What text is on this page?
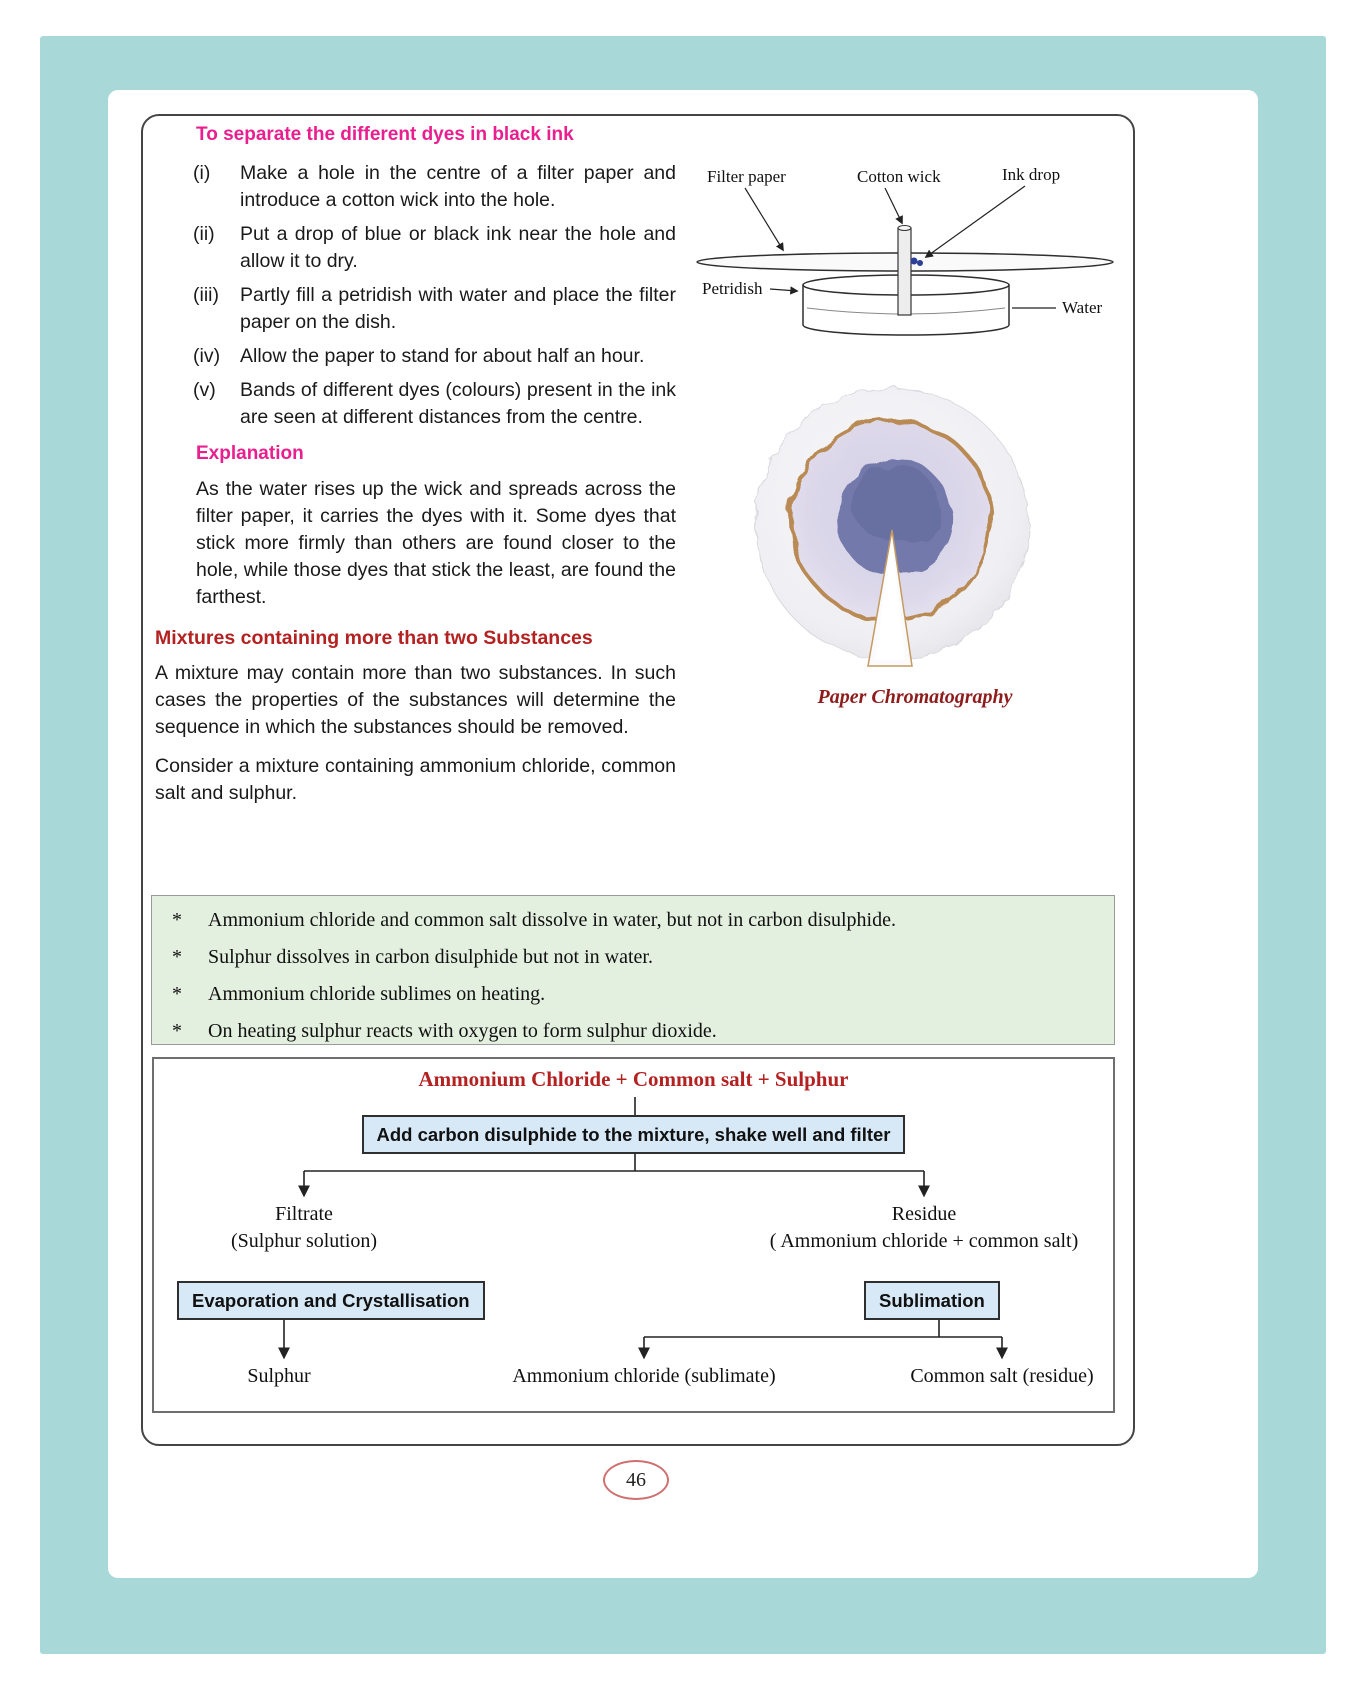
To separate the different dyes in black ink
(i)	Make a hole in the centre of a filter paper and introduce a cotton wick into the hole.
(ii)	Put a drop of blue or black ink near the hole and allow it to dry.
(iii)	Partly fill a petridish with water and place the filter paper on the dish.
(iv)	Allow the paper to stand for about half an hour.
(v)	Bands of different dyes (colours) present in the ink are seen at different distances from the centre.
Explanation

As the water rises up the wick and spreads across the filter paper, it carries the dyes with it. Some dyes that stick more firmly than others are found closer to the hole, while those dyes that stick the least, are found the farthest.

Mixtures containing more than two Substances

A mixture may contain more than two substances. In such cases the properties of the substances will determine the sequence in which the substances should be removed.

Consider a mixture containing ammonium chloride, common salt and sulphur.

Filter paper	Cotton wick	Ink drop
Petridish
Water
Paper Chromatography
*	Ammonium chloride and common salt dissolve in water, but not in carbon disulphide.
*	Sulphur dissolves in carbon disulphide but not in water.
*	Ammonium chloride sublimes on heating.
*	On heating sulphur reacts with oxygen to form sulphur dioxide.
Ammonium Chloride + Common salt + Sulphur
Add carbon disulphide to the mixture, shake well and filter
Filtrate
(Sulphur solution)
Residue
( Ammonium chloride + common salt)
Evaporation and Crystallisation	Sublimation
Sulphur	Ammonium chloride (sublimate)	Common salt (residue)
46
